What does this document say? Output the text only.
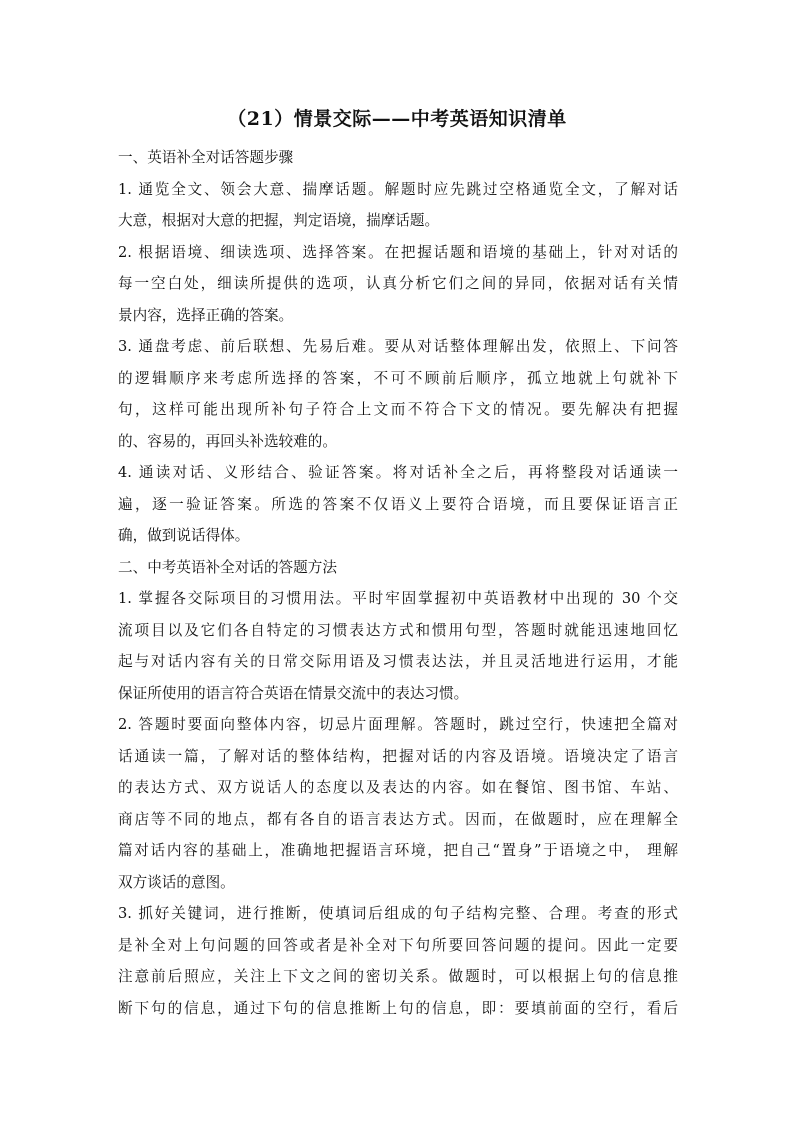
（21）情景交际——中考英语知识清单
一、英语补全对话答题步骤
1. 通览全文、领会大意、揣摩话题。解题时应先跳过空格通览全文，了解对话
大意，根据对大意的把握，判定语境，揣摩话题。
2. 根据语境、细读选项、选择答案。在把握话题和语境的基础上，针对对话的
每一空白处，细读所提供的选项，认真分析它们之间的异同，依据对话有关情
景内容，选择正确的答案。
3. 通盘考虑、前后联想、先易后难。要从对话整体理解出发，依照上、下问答
的逻辑顺序来考虑所选择的答案，不可不顾前后顺序，孤立地就上句就补下
句，这样可能出现所补句子符合上文而不符合下文的情况。要先解决有把握
的、容易的，再回头补选较难的。
4. 通读对话、义形结合、验证答案。将对话补全之后，再将整段对话通读一
遍，逐一验证答案。所选的答案不仅语义上要符合语境，而且要保证语言正
确，做到说话得体。
二、中考英语补全对话的答题方法
1. 掌握各交际项目的习惯用法。平时牢固掌握初中英语教材中出现的 30 个交
流项目以及它们各自特定的习惯表达方式和惯用句型，答题时就能迅速地回忆
起与对话内容有关的日常交际用语及习惯表达法，并且灵活地进行运用，才能
保证所使用的语言符合英语在情景交流中的表达习惯。
2. 答题时要面向整体内容，切忌片面理解。答题时，跳过空行，快速把全篇对
话通读一篇，了解对话的整体结构，把握对话的内容及语境。语境决定了语言
的表达方式、双方说话人的态度以及表达的内容。如在餐馆、图书馆、车站、
商店等不同的地点，都有各自的语言表达方式。因而，在做题时，应在理解全
篇对话内容的基础上，准确地把握语言环境，把自己“置身”于语境之中， 理解
双方谈话的意图。
3. 抓好关键词，进行推断，使填词后组成的句子结构完整、合理。考查的形式
是补全对上句问题的回答或者是补全对下句所要回答问题的提问。因此一定要
注意前后照应，关注上下文之间的密切关系。做题时，可以根据上句的信息推
断下句的信息，通过下句的信息推断上句的信息，即：要填前面的空行，看后
